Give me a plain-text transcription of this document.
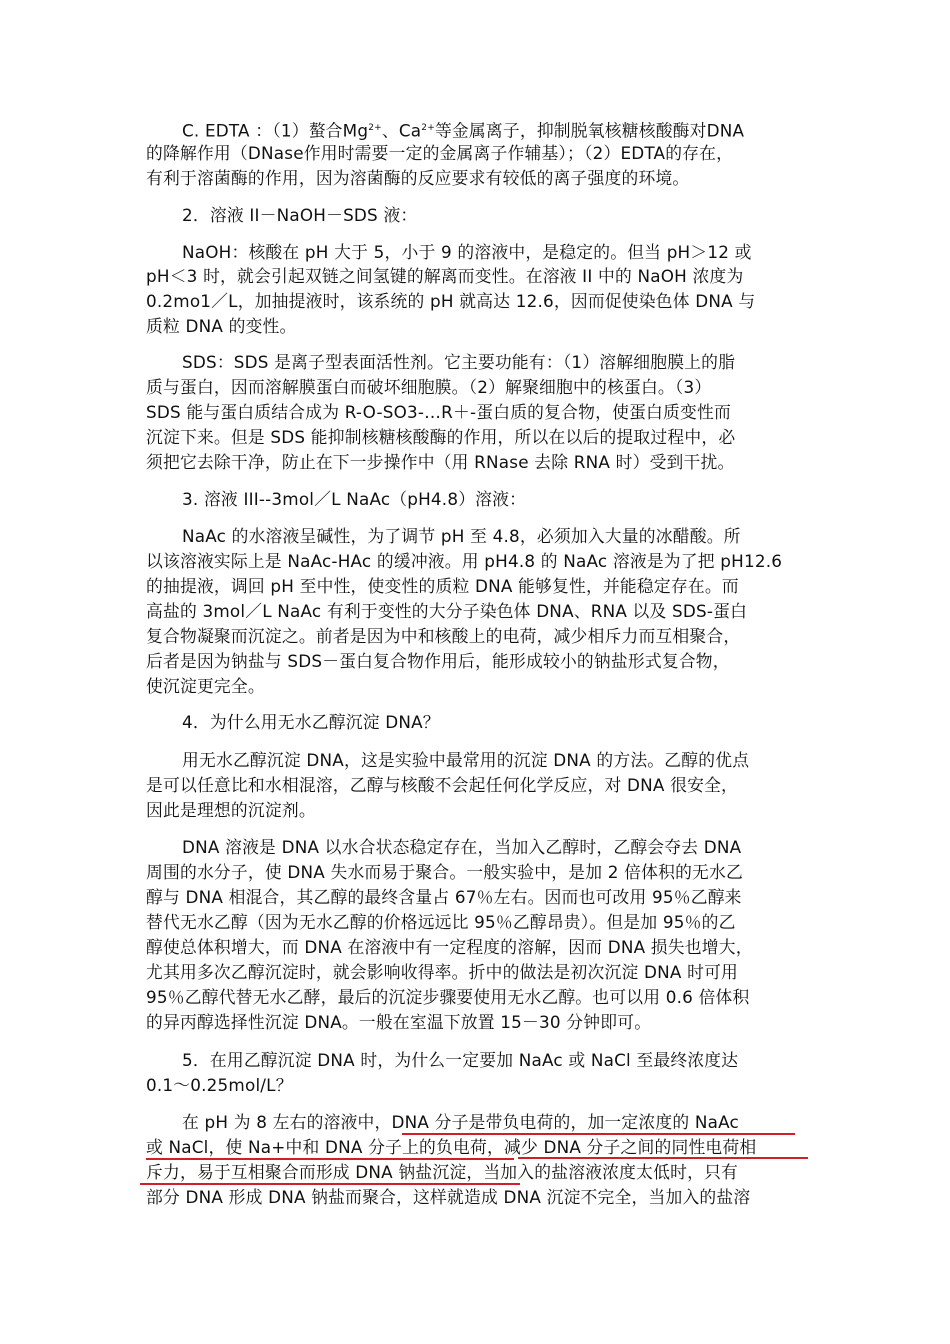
C. EDTA ：（1）螯合$Mg^{2+}$、$Ca^{2+}$等金属离子，抑制脱氧核糖核酸酶对DNA
的降解作用（DNase作用时需要一定的金属离子作辅基）；（2）EDTA的存在，
有利于溶菌酶的作用，因为溶菌酶的反应要求有较低的离子强度的环境。
2．溶液 II－NaOH－SDS 液：
NaOH：核酸在 pH 大于 5，小于 9 的溶液中，是稳定的。但当 pH＞12 或
pH＜3 时，就会引起双链之间氢键的解离而变性。在溶液 II 中的 NaOH 浓度为
0.2mo1／L，加抽提液时，该系统的 pH 就高达 12.6，因而促使染色体 DNA 与
质粒 DNA 的变性。
SDS：SDS 是离子型表面活性剂。它主要功能有：（1）溶解细胞膜上的脂
质与蛋白，因而溶解膜蛋白而破坏细胞膜。（2）解聚细胞中的核蛋白。（3）
SDS 能与蛋白质结合成为 R-O-SO3-…R＋-蛋白质的复合物，使蛋白质变性而
沉淀下来。但是 SDS 能抑制核糖核酸酶的作用，所以在以后的提取过程中，必
须把它去除干净，防止在下一步操作中（用 RNase 去除 RNA 时）受到干扰。
3. 溶液 III--3mol／L NaAc（pH4.8）溶液：
NaAc 的水溶液呈碱性，为了调节 pH 至 4.8，必须加入大量的冰醋酸。所
以该溶液实际上是 NaAc-HAc 的缓冲液。用 pH4.8 的 NaAc 溶液是为了把 pH12.6
的抽提液，调回 pH 至中性，使变性的质粒 DNA 能够复性，并能稳定存在。而
高盐的 3mol／L NaAc 有利于变性的大分子染色体 DNA、RNA 以及 SDS-蛋白
复合物凝聚而沉淀之。前者是因为中和核酸上的电荷，减少相斥力而互相聚合，
后者是因为钠盐与 SDS－蛋白复合物作用后，能形成较小的钠盐形式复合物，
使沉淀更完全。
4．为什么用无水乙醇沉淀 DNA？
用无水乙醇沉淀 DNA，这是实验中最常用的沉淀 DNA 的方法。乙醇的优点
是可以任意比和水相混溶，乙醇与核酸不会起任何化学反应，对 DNA 很安全，
因此是理想的沉淀剂。
DNA 溶液是 DNA 以水合状态稳定存在，当加入乙醇时，乙醇会夺去 DNA
周围的水分子，使 DNA 失水而易于聚合。一般实验中，是加 2 倍体积的无水乙
醇与 DNA 相混合，其乙醇的最终含量占 67％左右。因而也可改用 95％乙醇来
替代无水乙醇（因为无水乙醇的价格远远比 95％乙醇昂贵）。但是加 95％的乙
醇使总体积增大，而 DNA 在溶液中有一定程度的溶解，因而 DNA 损失也增大，
尤其用多次乙醇沉淀时，就会影响收得率。折中的做法是初次沉淀 DNA 时可用
95％乙醇代替无水乙酵，最后的沉淀步骤要使用无水乙醇。也可以用 0.6 倍体积
的异丙醇选择性沉淀 DNA。一般在室温下放置 15－30 分钟即可。
5．在用乙醇沉淀 DNA 时，为什么一定要加 NaAc 或 NaCl 至最终浓度达
0.1～0.25mol/L？
在 pH 为 8 左右的溶液中，DNA 分子是带负电荷的，加一定浓度的 NaAc
或 NaCl，使 Na+中和 DNA 分子上的负电荷，减少 DNA 分子之间的同性电荷相
斥力，易于互相聚合而形成 DNA 钠盐沉淀，当加入的盐溶液浓度太低时，只有
部分 DNA 形成 DNA 钠盐而聚合，这样就造成 DNA 沉淀不完全，当加入的盐溶
